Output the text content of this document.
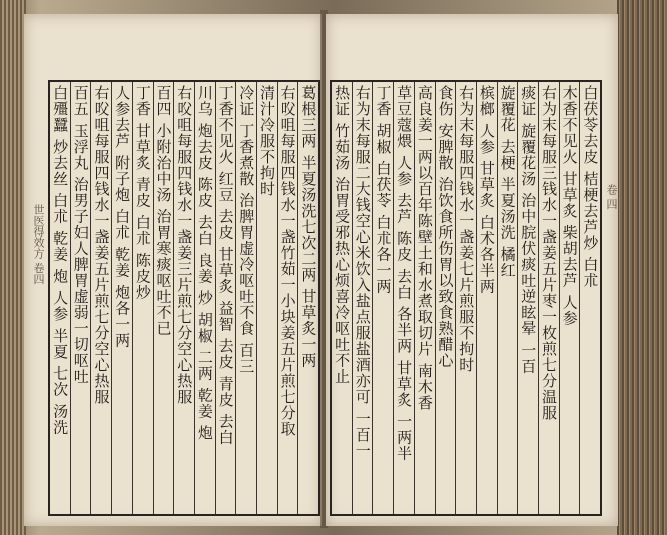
葛根三两 半夏汤洗七次二两 甘草炙一两
右㕮咀每服四钱水一盏竹茹一小块姜五片煎七分取
清汁冷服不拘时
冷证 丁香煮散 治脾胃虚冷呕吐不食 百三
丁香不见火 红豆 去皮 甘草炙 益智 去皮 青皮 去白
川乌 炮去皮 陈皮 去白 良姜 炒 胡椒 二两 乾姜 炮
右㕮咀每服四钱水一盏姜三片煎七分空心热服
百四 小附治中汤 治胃寒痰呕吐不已
丁香 甘草炙 青皮 白朮 陈皮炒
人参去芦 附子炮 白朮 乾姜 炮各一两
右㕮咀每服四钱水一盏姜五片煎七分空心热服
百五 玉浮丸 治男子妇人脾胃虚弱一切呕吐
白殭蠶 炒去丝 白朮 乾姜 炮 人参 半夏 七次 汤洗
世医得效方 卷四	白茯苓去皮 桔梗去芦炒 白朮
木香不见火 甘草炙 柴胡去芦 人参
右为末每服三钱水一盏姜五片枣一枚煎七分温服
痰证 旋覆花汤 治中脘伏痰吐逆眩晕 一百
旋覆花 去梗 半夏汤洗 橘红
槟榔 人参 甘草炙 白术各半两
右为末每服四钱水一盏姜七片煎服不拘时
食伤 安脾散 治饮食所伤胃以致食熟醋心
高良姜一两以百年陈壁土和水煮取切片 南木香
草豆蔻煨 人参 去芦 陈皮 去白 各半两 甘草炙 一两半
丁香 胡椒 白茯苓 白朮各一两
右为末每服二大钱空心米饮入盐点服盐酒亦可 一百一
热证 竹茹汤 治胃受邪热心烦喜冷呕吐不止	卷 四
